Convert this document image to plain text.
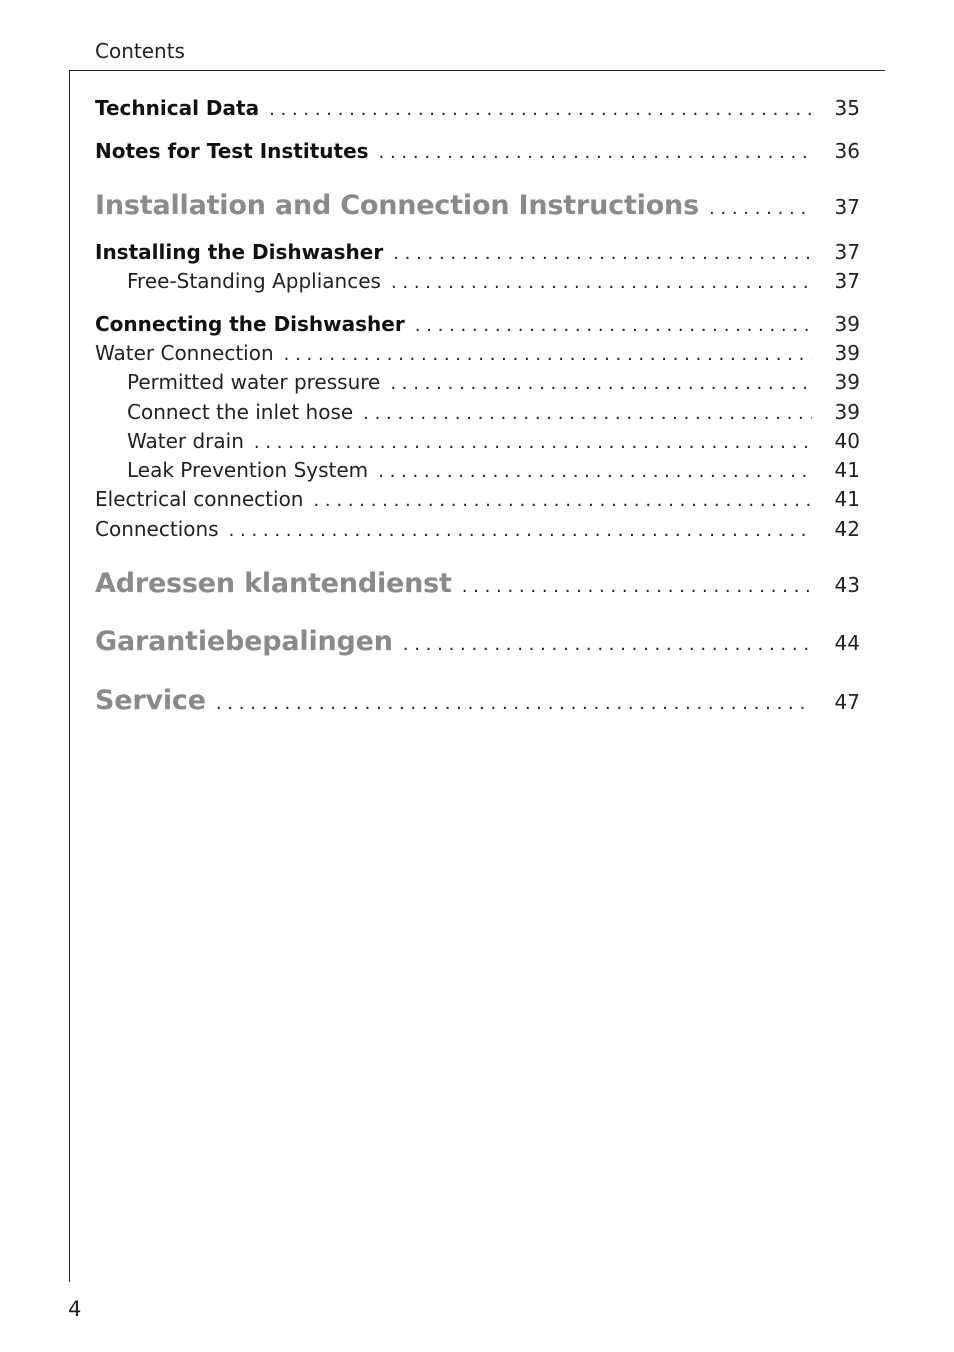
Contents
Technical Data . . .	35
Notes for Test Institutes . . .	36
Installation and Connection Instructions . . .	37
Installing the Dishwasher . . .	37
Free-Standing Appliances . . .	37
Connecting the Dishwasher . . .	39
Water Connection . . .	39
Permitted water pressure . . .	39
Connect the inlet hose . . .	39
Water drain . . .	40
Leak Prevention System . . .	41
Electrical connection . . .	41
Connections . . .	42
Adressen klantendienst . . .	43
Garantiebepalingen . . .	44
Service . . .	47
4
